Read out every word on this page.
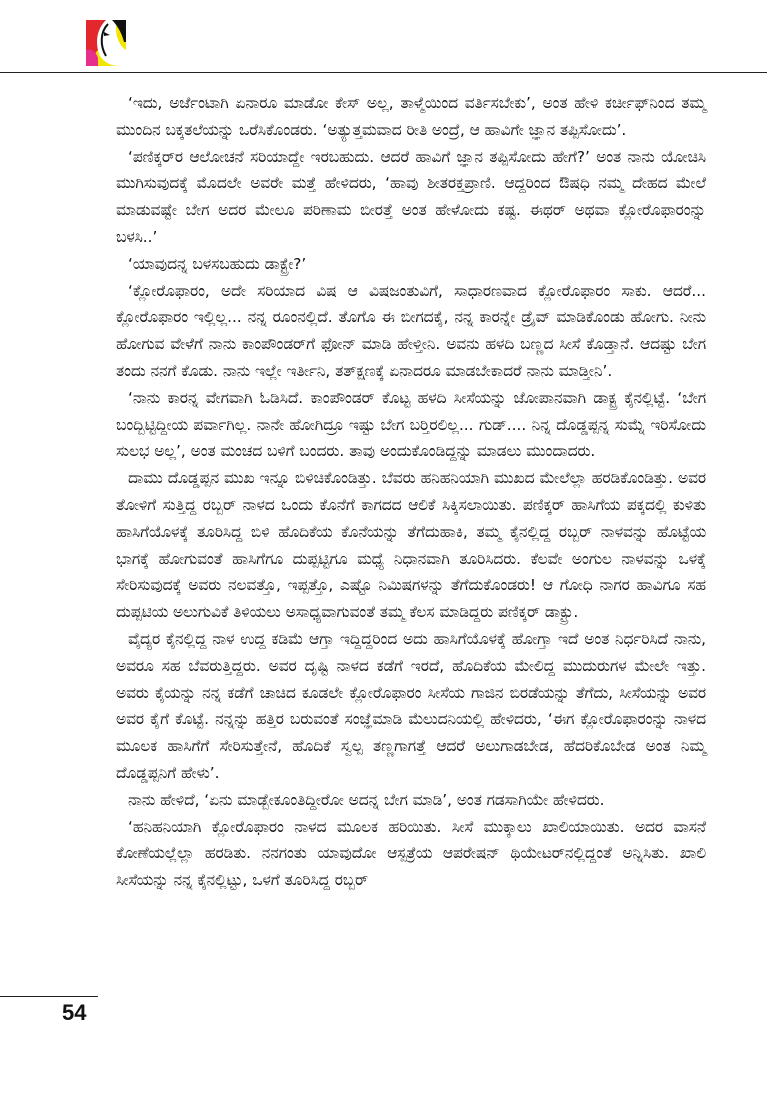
‘ಇದು, ಅರ್ಜೆಂಟಾಗಿ ಏನಾರೂ ಮಾಡೋ ಕೇಸ್ ಅಲ್ಲ, ತಾಳ್ಮೆಯಿಂದ ವರ್ತಿಸಬೇಕು’, ಅಂತ ಹೇಳಿ ಕರ್ಚೀಫ್‌ನಿಂದ ತಮ್ಮ ಮುಂದಿನ ಬಕ್ಕತಲೆಯನ್ನು ಒರೆಸಿಕೊಂಡರು. ‘ಅತ್ಯುತ್ತಮವಾದ ರೀತಿ ಅಂದ್ರೆ, ಆ ಹಾವಿಗೇ ಜ್ಞಾನ ತಪ್ಪಿಸೋದು’.

‘ಪಣಿಕ್ಕರ್‌ರ ಆಲೋಚನೆ ಸರಿಯಾದ್ದೇ ಇರಬಹುದು. ಆದರೆ ಹಾವಿಗೆ ಜ್ಞಾನ ತಪ್ಪಿಸೋದು ಹೇಗೆ?’ ಅಂತ ನಾನು ಯೋಚಿಸಿ ಮುಗಿಸುವುದಕ್ಕೆ ಮೊದಲೇ ಅವರೇ ಮತ್ತೆ ಹೇಳಿದರು, ‘ಹಾವು ಶೀತರಕ್ತಪ್ರಾಣಿ. ಆದ್ದರಿಂದ ಔಷಧಿ ನಮ್ಮ ದೇಹದ ಮೇಲೆ ಮಾಡುವಷ್ಟೇ ಬೇಗ ಅದರ ಮೇಲೂ ಪರಿಣಾಮ ಬೀರತ್ತೆ ಅಂತ ಹೇಳೋದು ಕಷ್ಟ. ಈಥರ್ ಅಥವಾ ಕ್ಲೋರೊಫಾರಂನ್ನು ಬಳಸಿ..’

‘ಯಾವುದನ್ನ ಬಳಸಬಹುದು ಡಾಕ್ಟ್ರೇ?’

‘ಕ್ಲೋರೊಫಾರಂ, ಅದೇ ಸರಿಯಾದ ವಿಷ ಆ ವಿಷಜಂತುವಿಗೆ, ಸಾಧಾರಣವಾದ ಕ್ಲೋರೊಫಾರಂ ಸಾಕು. ಆದರೆ... ಕ್ಲೋರೊಫಾರಂ ಇಲ್ಲಿಲ್ಲ... ನನ್ನ ರೂಂನಲ್ಲಿದೆ. ತೊಗೊ ಈ ಬೀಗದಕೈ, ನನ್ನ ಕಾರನ್ನೇ ಡ್ರೈವ್ ಮಾಡಿಕೊಂಡು ಹೋಗು. ನೀನು ಹೋಗುವ ವೇಳೆಗೆ ನಾನು ಕಾಂಪೌಂಡರ್‌ಗೆ ಫೋನ್ ಮಾಡಿ ಹೇಳ್ತೀನಿ. ಅವನು ಹಳದಿ ಬಣ್ಣದ ಸೀಸೆ ಕೊಡ್ತಾನೆ. ಆದಷ್ಟು ಬೇಗ ತಂದು ನನಗೆ ಕೊಡು. ನಾನು ಇಲ್ಲೇ ಇರ್ತೀನಿ, ತತ್‌ಕ್ಷಣಕ್ಕೆ ಏನಾದರೂ ಮಾಡಬೇಕಾದರೆ ನಾನು ಮಾಡ್ತೀನಿ’.

‘ನಾನು ಕಾರನ್ನ ವೇಗವಾಗಿ ಓಡಿಸಿದೆ. ಕಾಂಪೌಂಡರ್ ಕೊಟ್ಟ ಹಳದಿ ಸೀಸೆಯನ್ನು ಜೋಪಾನವಾಗಿ ಡಾಕ್ಟ್ರ ಕೈನಲ್ಲಿಟ್ಟೆ. ‘ಬೇಗ ಬಂದ್ಬಿಟ್ಟಿದ್ದೀಯ ಪರ್ವಾಗಿಲ್ಲ. ನಾನೇ ಹೋಗಿದ್ರೂ ಇಷ್ಟು ಬೇಗ ಬರ್‍ತಿರಲಿಲ್ಲ... ಗುಡ್.... ನಿನ್ನ ದೊಡ್ಡಪ್ಪನ್ನ ಸುಮ್ನೆ ಇರಿಸೋದು ಸುಲಭ ಅಲ್ಲ’, ಅಂತ ಮಂಚದ ಬಳಿಗೆ ಬಂದರು. ತಾವು ಅಂದುಕೊಂಡಿದ್ದನ್ನು ಮಾಡಲು ಮುಂದಾದರು.

ದಾಮು ದೊಡ್ಡಪ್ಪನ ಮುಖ ಇನ್ನೂ ಬಿಳಿಚಿಕೊಂಡಿತ್ತು. ಬೆವರು ಹನಿಹನಿಯಾಗಿ ಮುಖದ ಮೇಲೆಲ್ಲಾ ಹರಡಿಕೊಂಡಿತ್ತು. ಅವರ ತೋಳಿಗೆ ಸುತ್ತಿದ್ದ ರಬ್ಬರ್ ನಾಳದ ಒಂದು ಕೊನೆಗೆ ಕಾಗದದ ಆಲಿಕೆ ಸಿಕ್ಕಿಸಲಾಯಿತು. ಪಣಿಕ್ಕರ್ ಹಾಸಿಗೆಯ ಪಕ್ಕದಲ್ಲಿ ಕುಳಿತು ಹಾಸಿಗೆಯೊಳಕ್ಕೆ ತೂರಿಸಿದ್ದ ಬಿಳಿ ಹೊದಿಕೆಯ ಕೊನೆಯನ್ನು ತೆಗೆದುಹಾಕಿ, ತಮ್ಮ ಕೈನಲ್ಲಿದ್ದ ರಬ್ಬರ್ ನಾಳವನ್ನು ಹೊಟ್ಟೆಯ ಭಾಗಕ್ಕೆ ಹೋಗುವಂತೆ ಹಾಸಿಗೆಗೂ ದುಪ್ಪಟ್ಟಿಗೂ ಮಧ್ಯೆ ನಿಧಾನವಾಗಿ ತೂರಿಸಿದರು. ಕೆಲವೇ ಅಂಗುಲ ನಾಳವನ್ನು ಒಳಕ್ಕೆ ಸೇರಿಸುವುದಕ್ಕೆ ಅವರು ನಲವತ್ತೊ, ಇಪ್ಪತ್ತೊ, ಎಷ್ಟೊ ನಿಮಿಷಗಳನ್ನು ತೆಗೆದುಕೊಂಡರು! ಆ ಗೋಧಿ ನಾಗರ ಹಾವಿಗೂ ಸಹ ದುಪ್ಪಟಿಯ ಅಲುಗುವಿಕೆ ತಿಳಿಯಲು ಅಸಾಧ್ಯವಾಗುವಂತೆ ತಮ್ಮ ಕೆಲಸ ಮಾಡಿದ್ದರು ಪಣಿಕ್ಕರ್ ಡಾಕ್ಟ್ರು.

ವೈದ್ಯರ ಕೈನಲ್ಲಿದ್ದ ನಾಳ ಉದ್ದ ಕಡಿಮೆ ಆಗ್ತಾ ಇದ್ದಿದ್ದರಿಂದ ಅದು ಹಾಸಿಗೆಯೊಳಕ್ಕೆ ಹೋಗ್ತಾ ಇದೆ ಅಂತ ನಿರ್ಧರಿಸಿದೆ ನಾನು, ಅವರೂ ಸಹ ಬೆವರುತ್ತಿದ್ದರು. ಅವರ ದೃಷ್ಟಿ ನಾಳದ ಕಡೆಗೆ ಇರದೆ, ಹೊದಿಕೆಯ ಮೇಲಿದ್ದ ಮುದುರುಗಳ ಮೇಲೇ ಇತ್ತು. ಅವರು ಕೈಯನ್ನು ನನ್ನ ಕಡೆಗೆ ಚಾಚಿದ ಕೂಡಲೇ ಕ್ಲೋರೊಫಾರಂ ಸೀಸೆಯ ಗಾಜಿನ ಬಿರಡೆಯನ್ನು ತೆಗೆದು, ಸೀಸೆಯನ್ನು ಅವರ ಅವರ ಕೈಗೆ ಕೊಟ್ಟೆ. ನನ್ನನ್ನು ಹತ್ತಿರ ಬರುವಂತೆ ಸಂಜ್ಞೆಮಾಡಿ ಮೆಲುದನಿಯಲ್ಲಿ ಹೇಳಿದರು, ‘ಈಗ ಕ್ಲೋರೊಫಾರಂನ್ನು ನಾಳದ ಮೂಲಕ ಹಾಸಿಗೆಗೆ ಸೇರಿಸುತ್ತೇನೆ, ಹೊದಿಕೆ ಸ್ವಲ್ಪ ತಣ್ಣಗಾಗತ್ತೆ ಆದರೆ ಅಲುಗಾಡಬೇಡ, ಹೆದರಿಕೊಬೇಡ ಅಂತ ನಿಮ್ಮ ದೊಡ್ಡಪ್ಪನಿಗೆ ಹೇಳು’.

ನಾನು ಹೇಳಿದೆ, ‘ಏನು ಮಾಡ್ಬೇಕೂಂತಿದ್ದೀರೋ ಅದನ್ನ ಬೇಗ ಮಾಡಿ’, ಅಂತ ಗಡಸಾಗಿಯೇ ಹೇಳಿದರು.

‘ಹನಿಹನಿಯಾಗಿ ಕ್ಲೋರೊಫಾರಂ ನಾಳದ ಮೂಲಕ ಹರಿಯಿತು. ಸೀಸೆ ಮುಕ್ಕಾಲು ಖಾಲಿಯಾಯಿತು. ಅದರ ವಾಸನೆ ಕೋಣೆಯಲ್ಲೆಲ್ಲಾ ಹರಡಿತು. ನನಗಂತು ಯಾವುದೋ ಆಸ್ಪತ್ರೆಯ ಆಪರೇಷನ್ ಥಿಯೇಟರ್‌ನಲ್ಲಿದ್ದಂತೆ ಅನ್ನಿಸಿತು. ಖಾಲಿ ಸೀಸೆಯನ್ನು ನನ್ನ ಕೈನಲ್ಲಿಟ್ಟು, ಒಳಗೆ ತೂರಿಸಿದ್ದ ರಬ್ಬರ್

54
